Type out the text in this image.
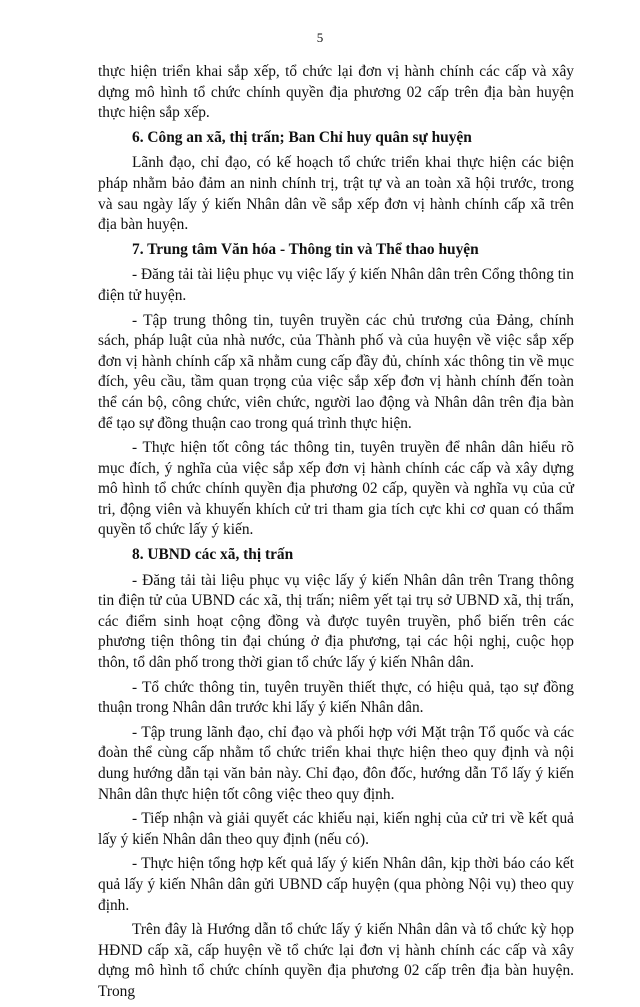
5

thực hiện triển khai sắp xếp, tổ chức lại đơn vị hành chính các cấp và xây dựng mô hình tổ chức chính quyền địa phương 02 cấp trên địa bàn huyện thực hiện sắp xếp.

6. Công an xã, thị trấn; Ban Chỉ huy quân sự huyện

Lãnh đạo, chỉ đạo, có kế hoạch tổ chức triển khai thực hiện các biện pháp nhằm bảo đảm an ninh chính trị, trật tự và an toàn xã hội trước, trong và sau ngày lấy ý kiến Nhân dân về sắp xếp đơn vị hành chính cấp xã trên địa bàn huyện.

7. Trung tâm Văn hóa - Thông tin và Thể thao huyện

- Đăng tải tài liệu phục vụ việc lấy ý kiến Nhân dân trên Cổng thông tin điện tử huyện.

- Tập trung thông tin, tuyên truyền các chủ trương của Đảng, chính sách, pháp luật của nhà nước, của Thành phố và của huyện về việc sắp xếp đơn vị hành chính cấp xã nhằm cung cấp đầy đủ, chính xác thông tin về mục đích, yêu cầu, tầm quan trọng của việc sắp xếp đơn vị hành chính đến toàn thể cán bộ, công chức, viên chức, người lao động và Nhân dân trên địa bàn để tạo sự đồng thuận cao trong quá trình thực hiện.

- Thực hiện tốt công tác thông tin, tuyên truyền để nhân dân hiểu rõ mục đích, ý nghĩa của việc sắp xếp đơn vị hành chính các cấp và xây dựng mô hình tổ chức chính quyền địa phương 02 cấp, quyền và nghĩa vụ của cử tri, động viên và khuyến khích cử tri tham gia tích cực khi cơ quan có thẩm quyền tổ chức lấy ý kiến.

8. UBND các xã, thị trấn

- Đăng tải tài liệu phục vụ việc lấy ý kiến Nhân dân trên Trang thông tin điện tử của UBND các xã, thị trấn; niêm yết tại trụ sở UBND xã, thị trấn, các điểm sinh hoạt cộng đồng và được tuyên truyền, phổ biến trên các phương tiện thông tin đại chúng ở địa phương, tại các hội nghị, cuộc họp thôn, tổ dân phố trong thời gian tổ chức lấy ý kiến Nhân dân.

- Tổ chức thông tin, tuyên truyền thiết thực, có hiệu quả, tạo sự đồng thuận trong Nhân dân trước khi lấy ý kiến Nhân dân.

- Tập trung lãnh đạo, chỉ đạo và phối hợp với Mặt trận Tổ quốc và các đoàn thể cùng cấp nhằm tổ chức triển khai thực hiện theo quy định và nội dung hướng dẫn tại văn bản này. Chỉ đạo, đôn đốc, hướng dẫn Tổ lấy ý kiến Nhân dân thực hiện tốt công việc theo quy định.

- Tiếp nhận và giải quyết các khiếu nại, kiến nghị của cử tri về kết quả lấy ý kiến Nhân dân theo quy định (nếu có).

- Thực hiện tổng hợp kết quả lấy ý kiến Nhân dân, kịp thời báo cáo kết quả lấy ý kiến Nhân dân gửi UBND cấp huyện (qua phòng Nội vụ) theo quy định.

Trên đây là Hướng dẫn tổ chức lấy ý kiến Nhân dân và tổ chức kỳ họp HĐND cấp xã, cấp huyện về tổ chức lại đơn vị hành chính các cấp và xây dựng mô hình tổ chức chính quyền địa phương 02 cấp trên địa bàn huyện. Trong
